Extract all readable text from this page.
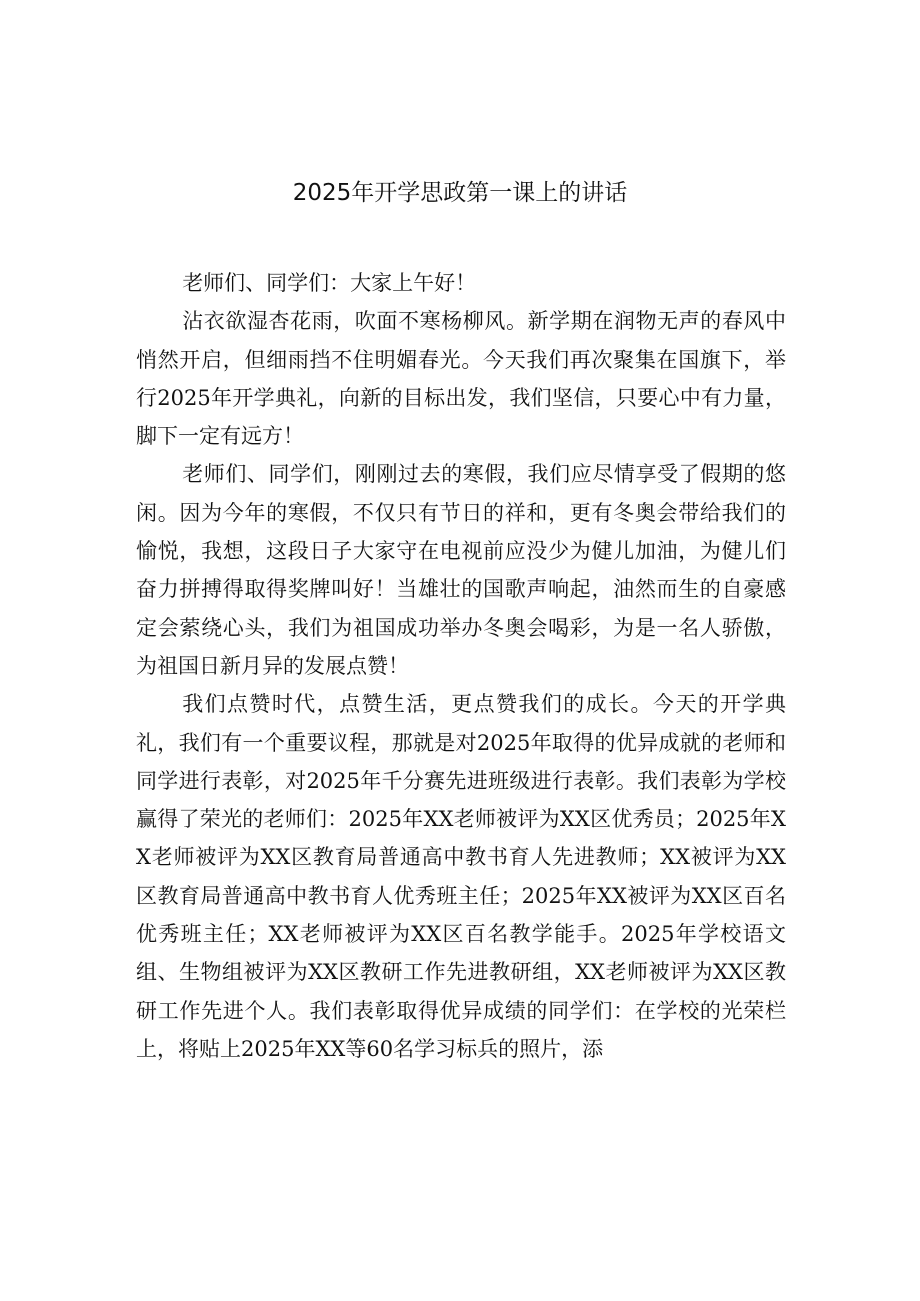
2025年开学思政第一课上的讲话

老师们、同学们：大家上午好！

沾衣欲湿杏花雨，吹面不寒杨柳风。新学期在润物无声的春风中悄然开启，但细雨挡不住明媚春光。今天我们再次聚集在国旗下，举行2025年开学典礼，向新的目标出发，我们坚信，只要心中有力量，脚下一定有远方！

老师们、同学们，刚刚过去的寒假，我们应尽情享受了假期的悠闲。因为今年的寒假，不仅只有节日的祥和，更有冬奥会带给我们的愉悦，我想，这段日子大家守在电视前应没少为健儿加油，为健儿们奋力拼搏得取得奖牌叫好！当雄壮的国歌声响起，油然而生的自豪感定会萦绕心头，我们为祖国成功举办冬奥会喝彩，为是一名人骄傲，为祖国日新月异的发展点赞！

我们点赞时代，点赞生活，更点赞我们的成长。今天的开学典礼，我们有一个重要议程，那就是对2025年取得的优异成就的老师和同学进行表彰，对2025年千分赛先进班级进行表彰。我们表彰为学校赢得了荣光的老师们：2025年XX老师被评为XX区优秀员；2025年XX老师被评为XX区教育局普通高中教书育人先进教师；XX被评为XX区教育局普通高中教书育人优秀班主任；2025年XX被评为XX区百名优秀班主任；XX老师被评为XX区百名教学能手。2025年学校语文组、生物组被评为XX区教研工作先进教研组，XX老师被评为XX区教研工作先进个人。我们表彰取得优异成绩的同学们：在学校的光荣栏上，将贴上2025年XX等60名学习标兵的照片，添
